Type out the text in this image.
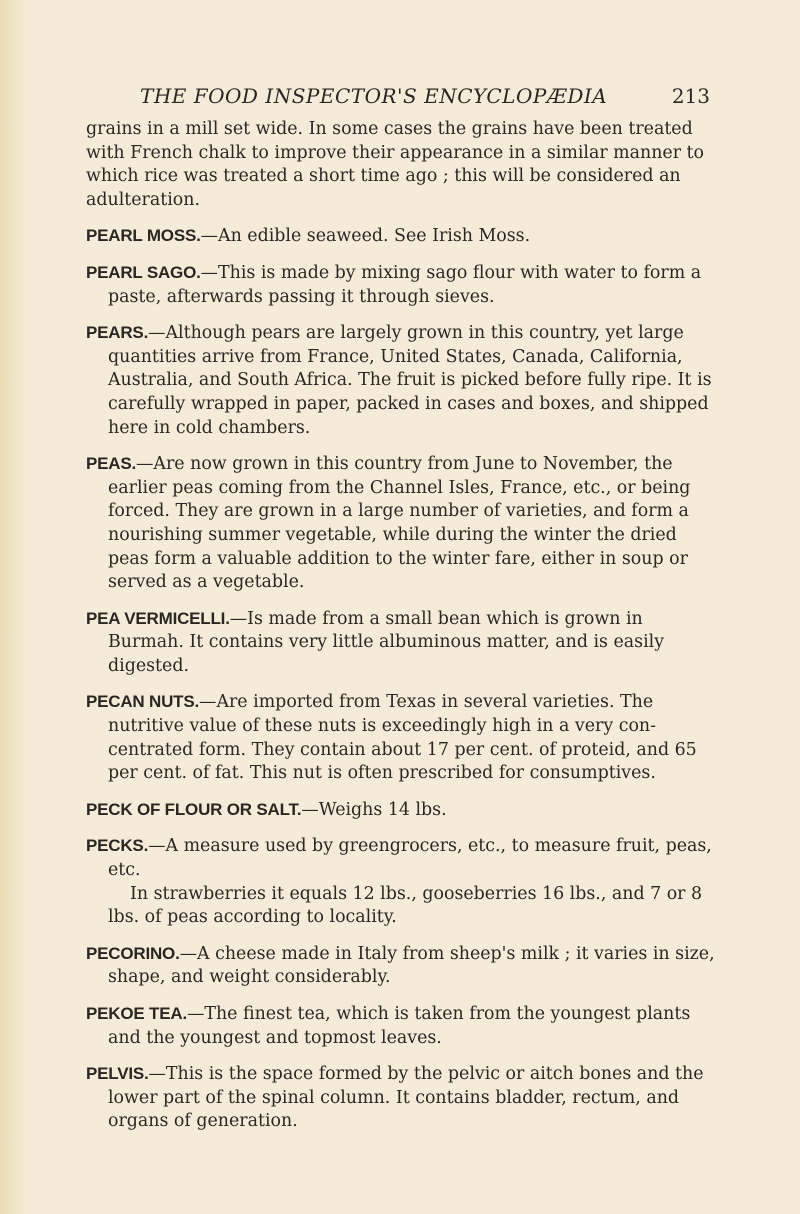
THE FOOD INSPECTOR'S ENCYCLOPÆDIA	213

grains in a mill set wide. In some cases the grains have been treated with French chalk to improve their appearance in a similar manner to which rice was treated a short time ago ; this will be considered an adulteration.

PEARL MOSS.—An edible seaweed. See Irish Moss.

PEARL SAGO.—This is made by mixing sago flour with water to form a paste, afterwards passing it through sieves.

PEARS.—Although pears are largely grown in this country, yet large quantities arrive from France, United States, Canada, California, Australia, and South Africa. The fruit is picked before fully ripe. It is carefully wrapped in paper, packed in cases and boxes, and shipped here in cold chambers.

PEAS.—Are now grown in this country from June to November, the earlier peas coming from the Channel Isles, France, etc., or being forced. They are grown in a large number of varieties, and form a nourishing summer vegetable, while during the winter the dried peas form a valuable addition to the winter fare, either in soup or served as a vegetable.

PEA VERMICELLI.—Is made from a small bean which is grown in Burmah. It contains very little albuminous matter, and is easily digested.

PECAN NUTS.—Are imported from Texas in several varieties. The nutritive value of these nuts is exceedingly high in a very con-centrated form. They contain about 17 per cent. of proteid, and 65 per cent. of fat. This nut is often prescribed for consumptives.

PECK OF FLOUR OR SALT.—Weighs 14 lbs.

PECKS.—A measure used by greengrocers, etc., to measure fruit, peas, etc.

In strawberries it equals 12 lbs., gooseberries 16 lbs., and 7 or 8 lbs. of peas according to locality.

PECORINO.—A cheese made in Italy from sheep's milk ; it varies in size, shape, and weight considerably.

PEKOE TEA.—The finest tea, which is taken from the youngest plants and the youngest and topmost leaves.

PELVIS.—This is the space formed by the pelvic or aitch bones and the lower part of the spinal column. It contains bladder, rectum, and organs of generation.
